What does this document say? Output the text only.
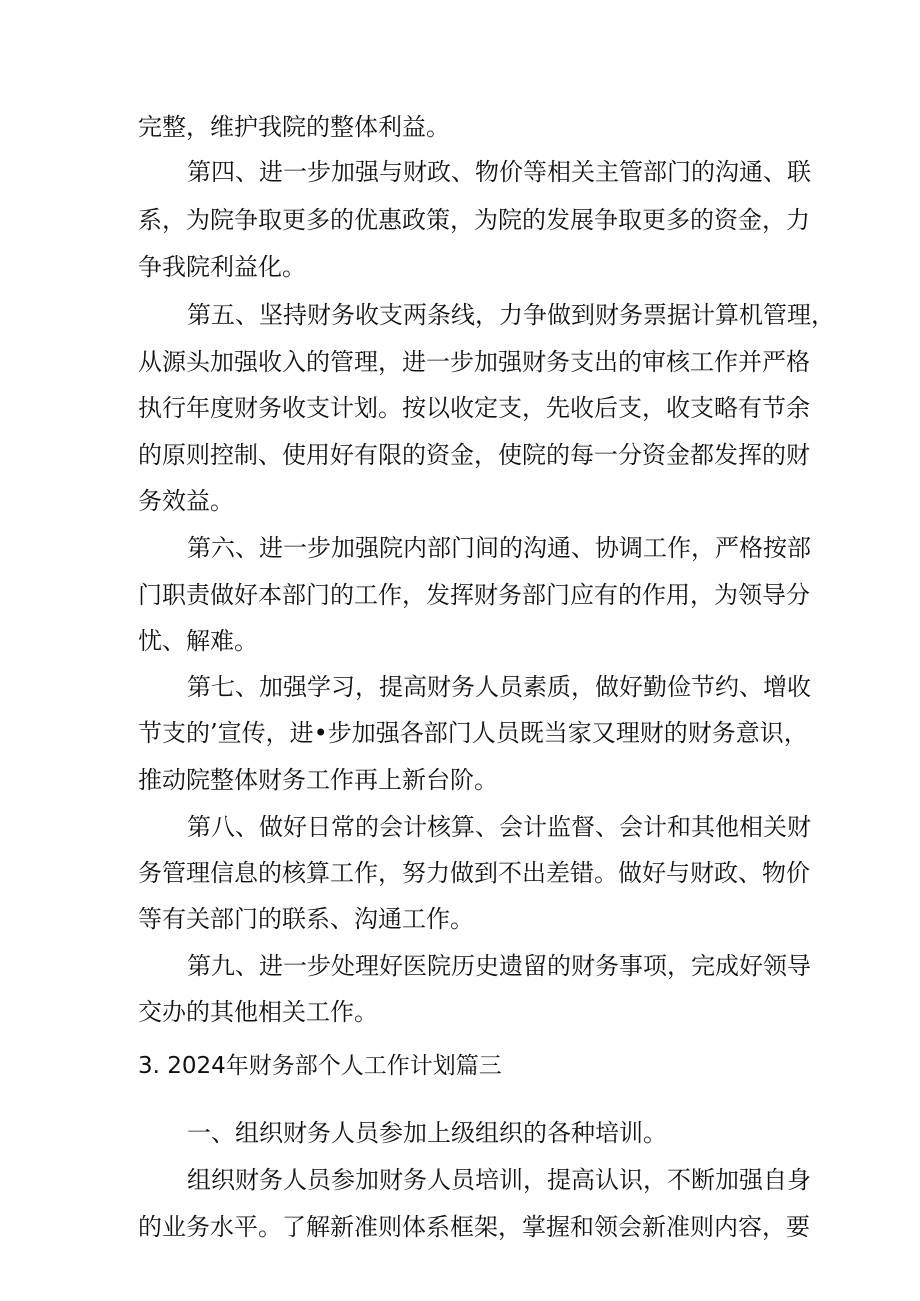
完整，维护我院的整体利益。
第四、进一步加强与财政、物价等相关主管部门的沟通、联
系，为院争取更多的优惠政策，为院的发展争取更多的资金，力
争我院利益化。
第五、坚持财务收支两条线，力争做到财务票据计算机管理，
从源头加强收入的管理，进一步加强财务支出的审核工作并严格
执行年度财务收支计划。按以收定支，先收后支，收支略有节余
的原则控制、使用好有限的资金，使院的每一分资金都发挥的财
务效益。
第六、进一步加强院内部门间的沟通、协调工作，严格按部
门职责做好本部门的工作，发挥财务部门应有的作用，为领导分
忧、解难。
第七、加强学习，提高财务人员素质，做好勤俭节约、增收
节支的’宣传，进•步加强各部门人员既当家又理财的财务意识，
推动院整体财务工作再上新台阶。
第八、做好日常的会计核算、会计监督、会计和其他相关财
务管理信息的核算工作，努力做到不出差错。做好与财政、物价
等有关部门的联系、沟通工作。
第九、进一步处理好医院历史遗留的财务事项，完成好领导
交办的其他相关工作。
3. 2024年财务部个人工作计划篇三
一、组织财务人员参加上级组织的各种培训。
组织财务人员参加财务人员培训，提高认识，不断加强自身
的业务水平。了解新准则体系框架，掌握和领会新准则内容，要
